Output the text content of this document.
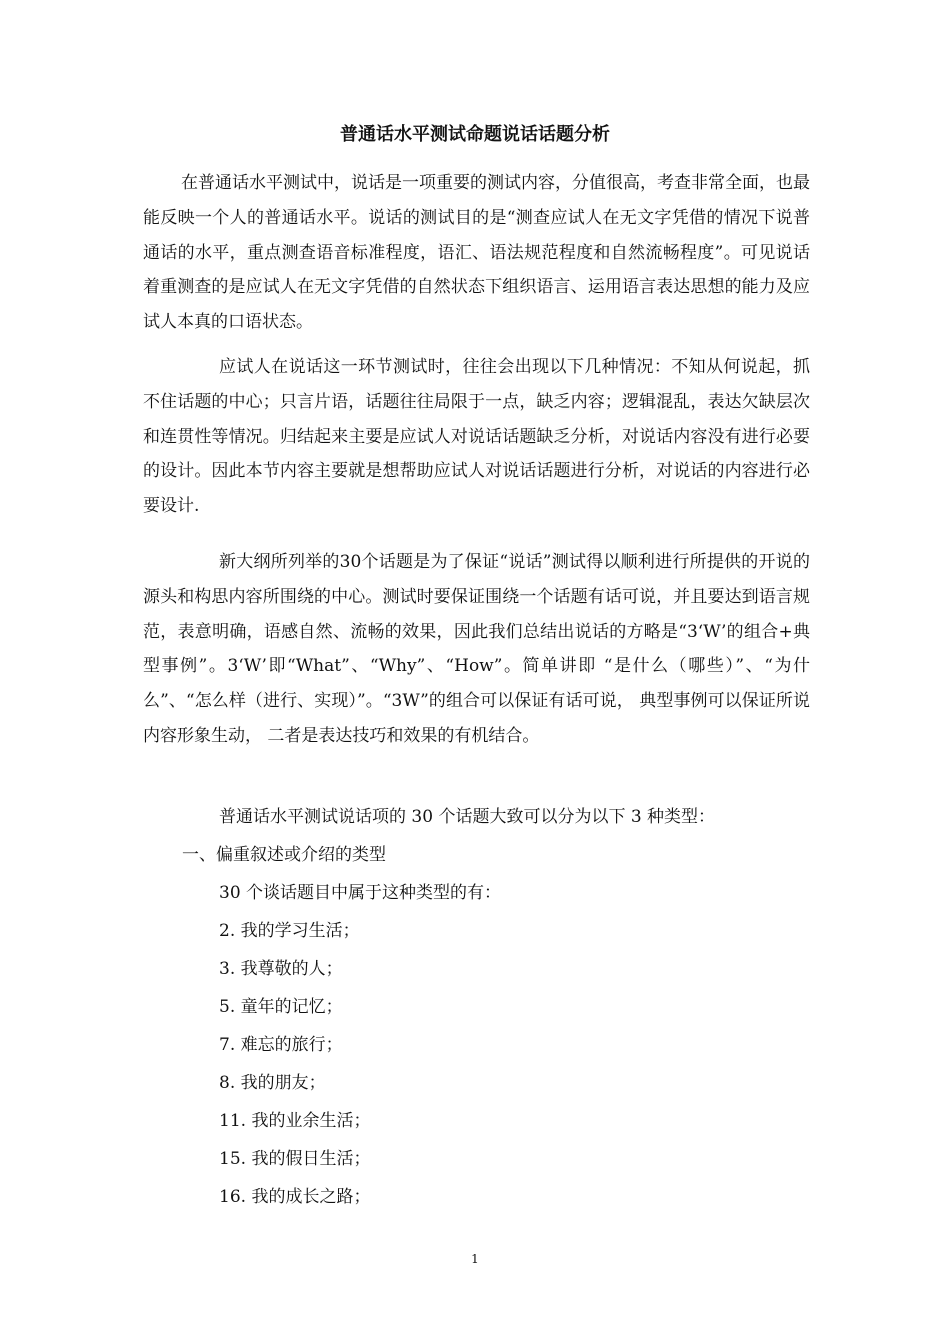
普通话水平测试命题说话话题分析
在普通话水平测试中，说话是一项重要的测试内容，分值很高，考查非常全面，也最能反映一个人的普通话水平。说话的测试目的是“测查应试人在无文字凭借的情况下说普通话的水平，重点测查语音标准程度，语汇、语法规范程度和自然流畅程度”。可见说话着重测查的是应试人在无文字凭借的自然状态下组织语言、运用语言表达思想的能力及应试人本真的口语状态。
应试人在说话这一环节测试时，往往会出现以下几种情况：不知从何说起，抓不住话题的中心；只言片语，话题往往局限于一点，缺乏内容；逻辑混乱，表达欠缺层次和连贯性等情况。归结起来主要是应试人对说话话题缺乏分析，对说话内容没有进行必要的设计。因此本节内容主要就是想帮助应试人对说话话题进行分析，对说话的内容进行必要设计.
新大纲所列举的30个话题是为了保证“说话”测试得以顺利进行所提供的开说的源头和构思内容所围绕的中心。测试时要保证围绕一个话题有话可说，并且要达到语言规范，表意明确，语感自然、流畅的效果，因此我们总结出说话的方略是“3‘W’的组合+典型事例”。3‘W’即“What”、“Why”、“How”。简单讲即 “是什么（哪些）”、“为什么”、“怎么样（进行、实现）”。“3W”的组合可以保证有话可说， 典型事例可以保证所说内容形象生动， 二者是表达技巧和效果的有机结合。
普通话水平测试说话项的 30 个话题大致可以分为以下 3 种类型：
一、偏重叙述或介绍的类型
30 个谈话题目中属于这种类型的有：
2. 我的学习生活；
3. 我尊敬的人；
5. 童年的记忆；
7. 难忘的旅行；
8. 我的朋友；
11. 我的业余生活；
15. 我的假日生活；
16. 我的成长之路；
1
